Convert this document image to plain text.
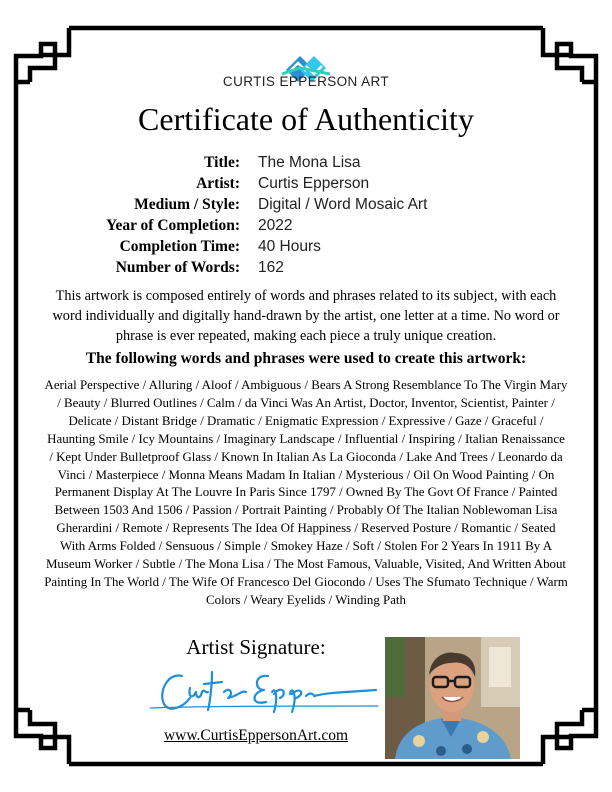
CURTIS EPPERSON ART
Certificate of Authenticity
Title: The Mona Lisa
Artist: Curtis Epperson
Medium / Style: Digital / Word Mosaic Art
Year of Completion: 2022
Completion Time: 40 Hours
Number of Words: 162
This artwork is composed entirely of words and phrases related to its subject, with each word individually and digitally hand-drawn by the artist, one letter at a time. No word or phrase is ever repeated, making each piece a truly unique creation.
The following words and phrases were used to create this artwork:
Aerial Perspective / Alluring / Aloof / Ambiguous / Bears A Strong Resemblance To The Virgin Mary / Beauty / Blurred Outlines / Calm / da Vinci Was An Artist, Doctor, Inventor, Scientist, Painter / Delicate / Distant Bridge / Dramatic / Enigmatic Expression / Expressive / Gaze / Graceful / Haunting Smile / Icy Mountains / Imaginary Landscape / Influential / Inspiring / Italian Renaissance / Kept Under Bulletproof Glass / Known In Italian As La Gioconda / Lake And Trees / Leonardo da Vinci / Masterpiece / Monna Means Madam In Italian / Mysterious / Oil On Wood Painting / On Permanent Display At The Louvre In Paris Since 1797 / Owned By The Govt Of France / Painted Between 1503 And 1506 / Passion / Portrait Painting / Probably Of The Italian Noblewoman Lisa Gherardini / Remote / Represents The Idea Of Happiness / Reserved Posture / Romantic / Seated With Arms Folded / Sensuous / Simple / Smokey Haze / Soft / Stolen For 2 Years In 1911 By A Museum Worker / Subtle / The Mona Lisa / The Most Famous, Valuable, Visited, And Written About Painting In The World / The Wife Of Francesco Del Giocondo / Uses The Sfumato Technique / Warm Colors / Weary Eyelids / Winding Path
Artist Signature:
www.CurtisEppersonArt.com
